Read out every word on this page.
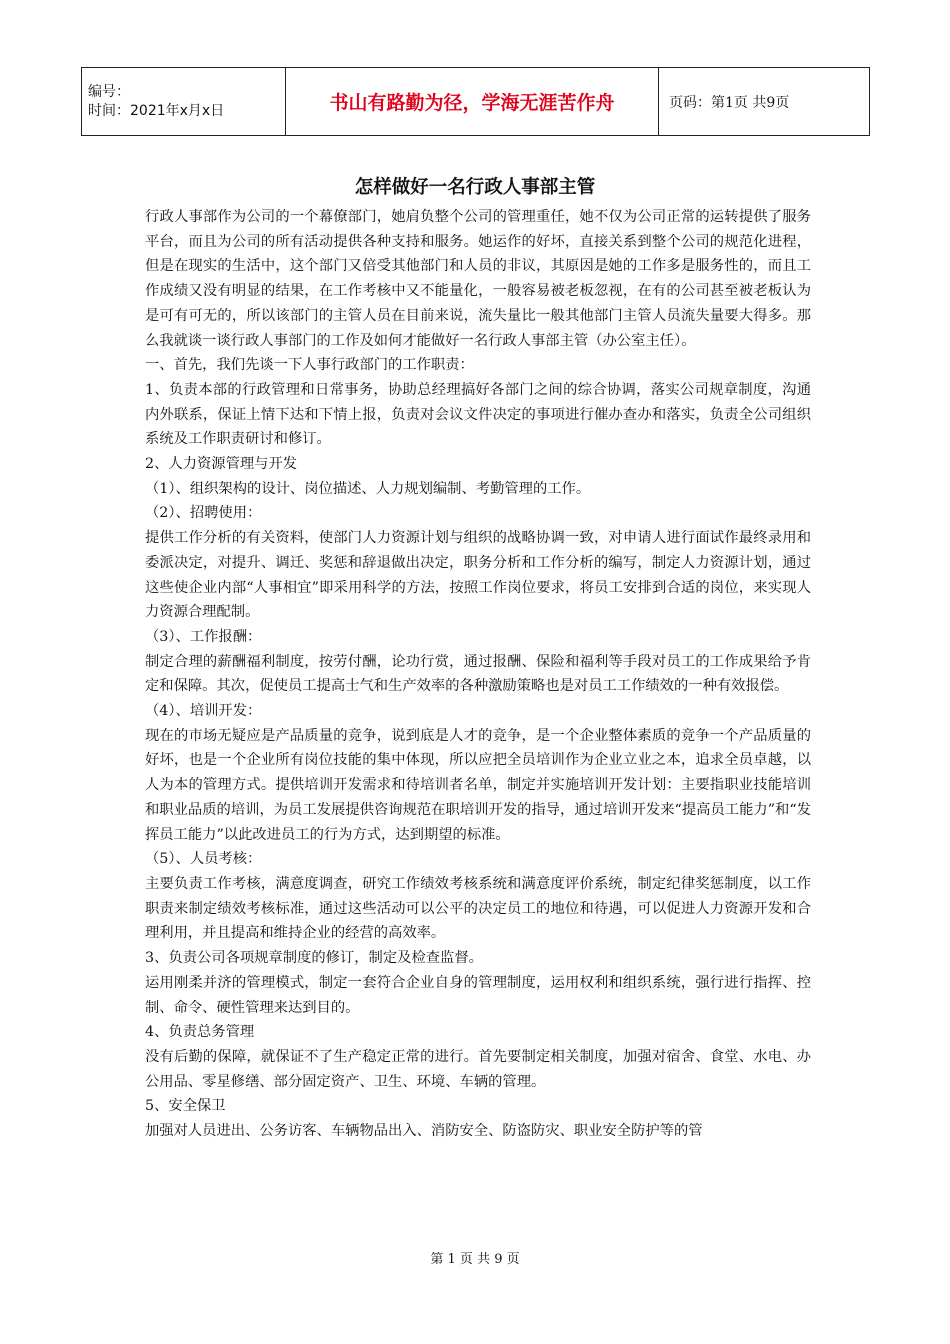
编号：
时间：2021年x月x日	书山有路勤为径，学海无涯苦作舟	页码：第1页 共9页
怎样做好一名行政人事部主管

行政人事部作为公司的一个幕僚部门，她肩负整个公司的管理重任，她不仅为公司正常的运转提供了服务平台，而且为公司的所有活动提供各种支持和服务。她运作的好坏，直接关系到整个公司的规范化进程，但是在现实的生活中，这个部门又倍受其他部门和人员的非议，其原因是她的工作多是服务性的，而且工作成绩又没有明显的结果，在工作考核中又不能量化，一般容易被老板忽视，在有的公司甚至被老板认为是可有可无的，所以该部门的主管人员在目前来说，流失量比一般其他部门主管人员流失量要大得多。那么我就谈一谈行政人事部门的工作及如何才能做好一名行政人事部主管（办公室主任）。

一、首先，我们先谈一下人事行政部门的工作职责：

1、负责本部的行政管理和日常事务，协助总经理搞好各部门之间的综合协调，落实公司规章制度，沟通内外联系，保证上情下达和下情上报，负责对会议文件决定的事项进行催办查办和落实，负责全公司组织系统及工作职责研讨和修订。

2、人力资源管理与开发

（1）、组织架构的设计、岗位描述、人力规划编制、考勤管理的工作。

（2）、招聘使用：

提供工作分析的有关资料，使部门人力资源计划与组织的战略协调一致，对申请人进行面试作最终录用和委派决定，对提升、调迁、奖惩和辞退做出决定，职务分析和工作分析的编写，制定人力资源计划，通过这些使企业内部“人事相宜”即采用科学的方法，按照工作岗位要求，将员工安排到合适的岗位，来实现人力资源合理配制。

（3）、工作报酬：

制定合理的薪酬福利制度，按劳付酬，论功行赏，通过报酬、保险和福利等手段对员工的工作成果给予肯定和保障。其次，促使员工提高士气和生产效率的各种激励策略也是对员工工作绩效的一种有效报偿。

（4）、培训开发：

现在的市场无疑应是产品质量的竞争，说到底是人才的竞争，是一个企业整体素质的竞争一个产品质量的好坏，也是一个企业所有岗位技能的集中体现，所以应把全员培训作为企业立业之本，追求全员卓越，以人为本的管理方式。提供培训开发需求和待培训者名单，制定并实施培训开发计划：主要指职业技能培训和职业品质的培训，为员工发展提供咨询规范在职培训开发的指导，通过培训开发来“提高员工能力”和“发挥员工能力”以此改进员工的行为方式，达到期望的标准。

（5）、人员考核：

主要负责工作考核，满意度调查，研究工作绩效考核系统和满意度评价系统，制定纪律奖惩制度，以工作职责来制定绩效考核标准，通过这些活动可以公平的决定员工的地位和待遇，可以促进人力资源开发和合理利用，并且提高和维持企业的经营的高效率。

3、负责公司各项规章制度的修订，制定及检查监督。

运用刚柔并济的管理模式，制定一套符合企业自身的管理制度，运用权利和组织系统，强行进行指挥、控制、命令、硬性管理来达到目的。

4、负责总务管理

没有后勤的保障，就保证不了生产稳定正常的进行。首先要制定相关制度，加强对宿舍、食堂、水电、办公用品、零星修缮、部分固定资产、卫生、环境、车辆的管理。

5、安全保卫

加强对人员进出、公务访客、车辆物品出入、消防安全、防盗防灾、职业安全防护等的管

第 1 页 共 9 页
